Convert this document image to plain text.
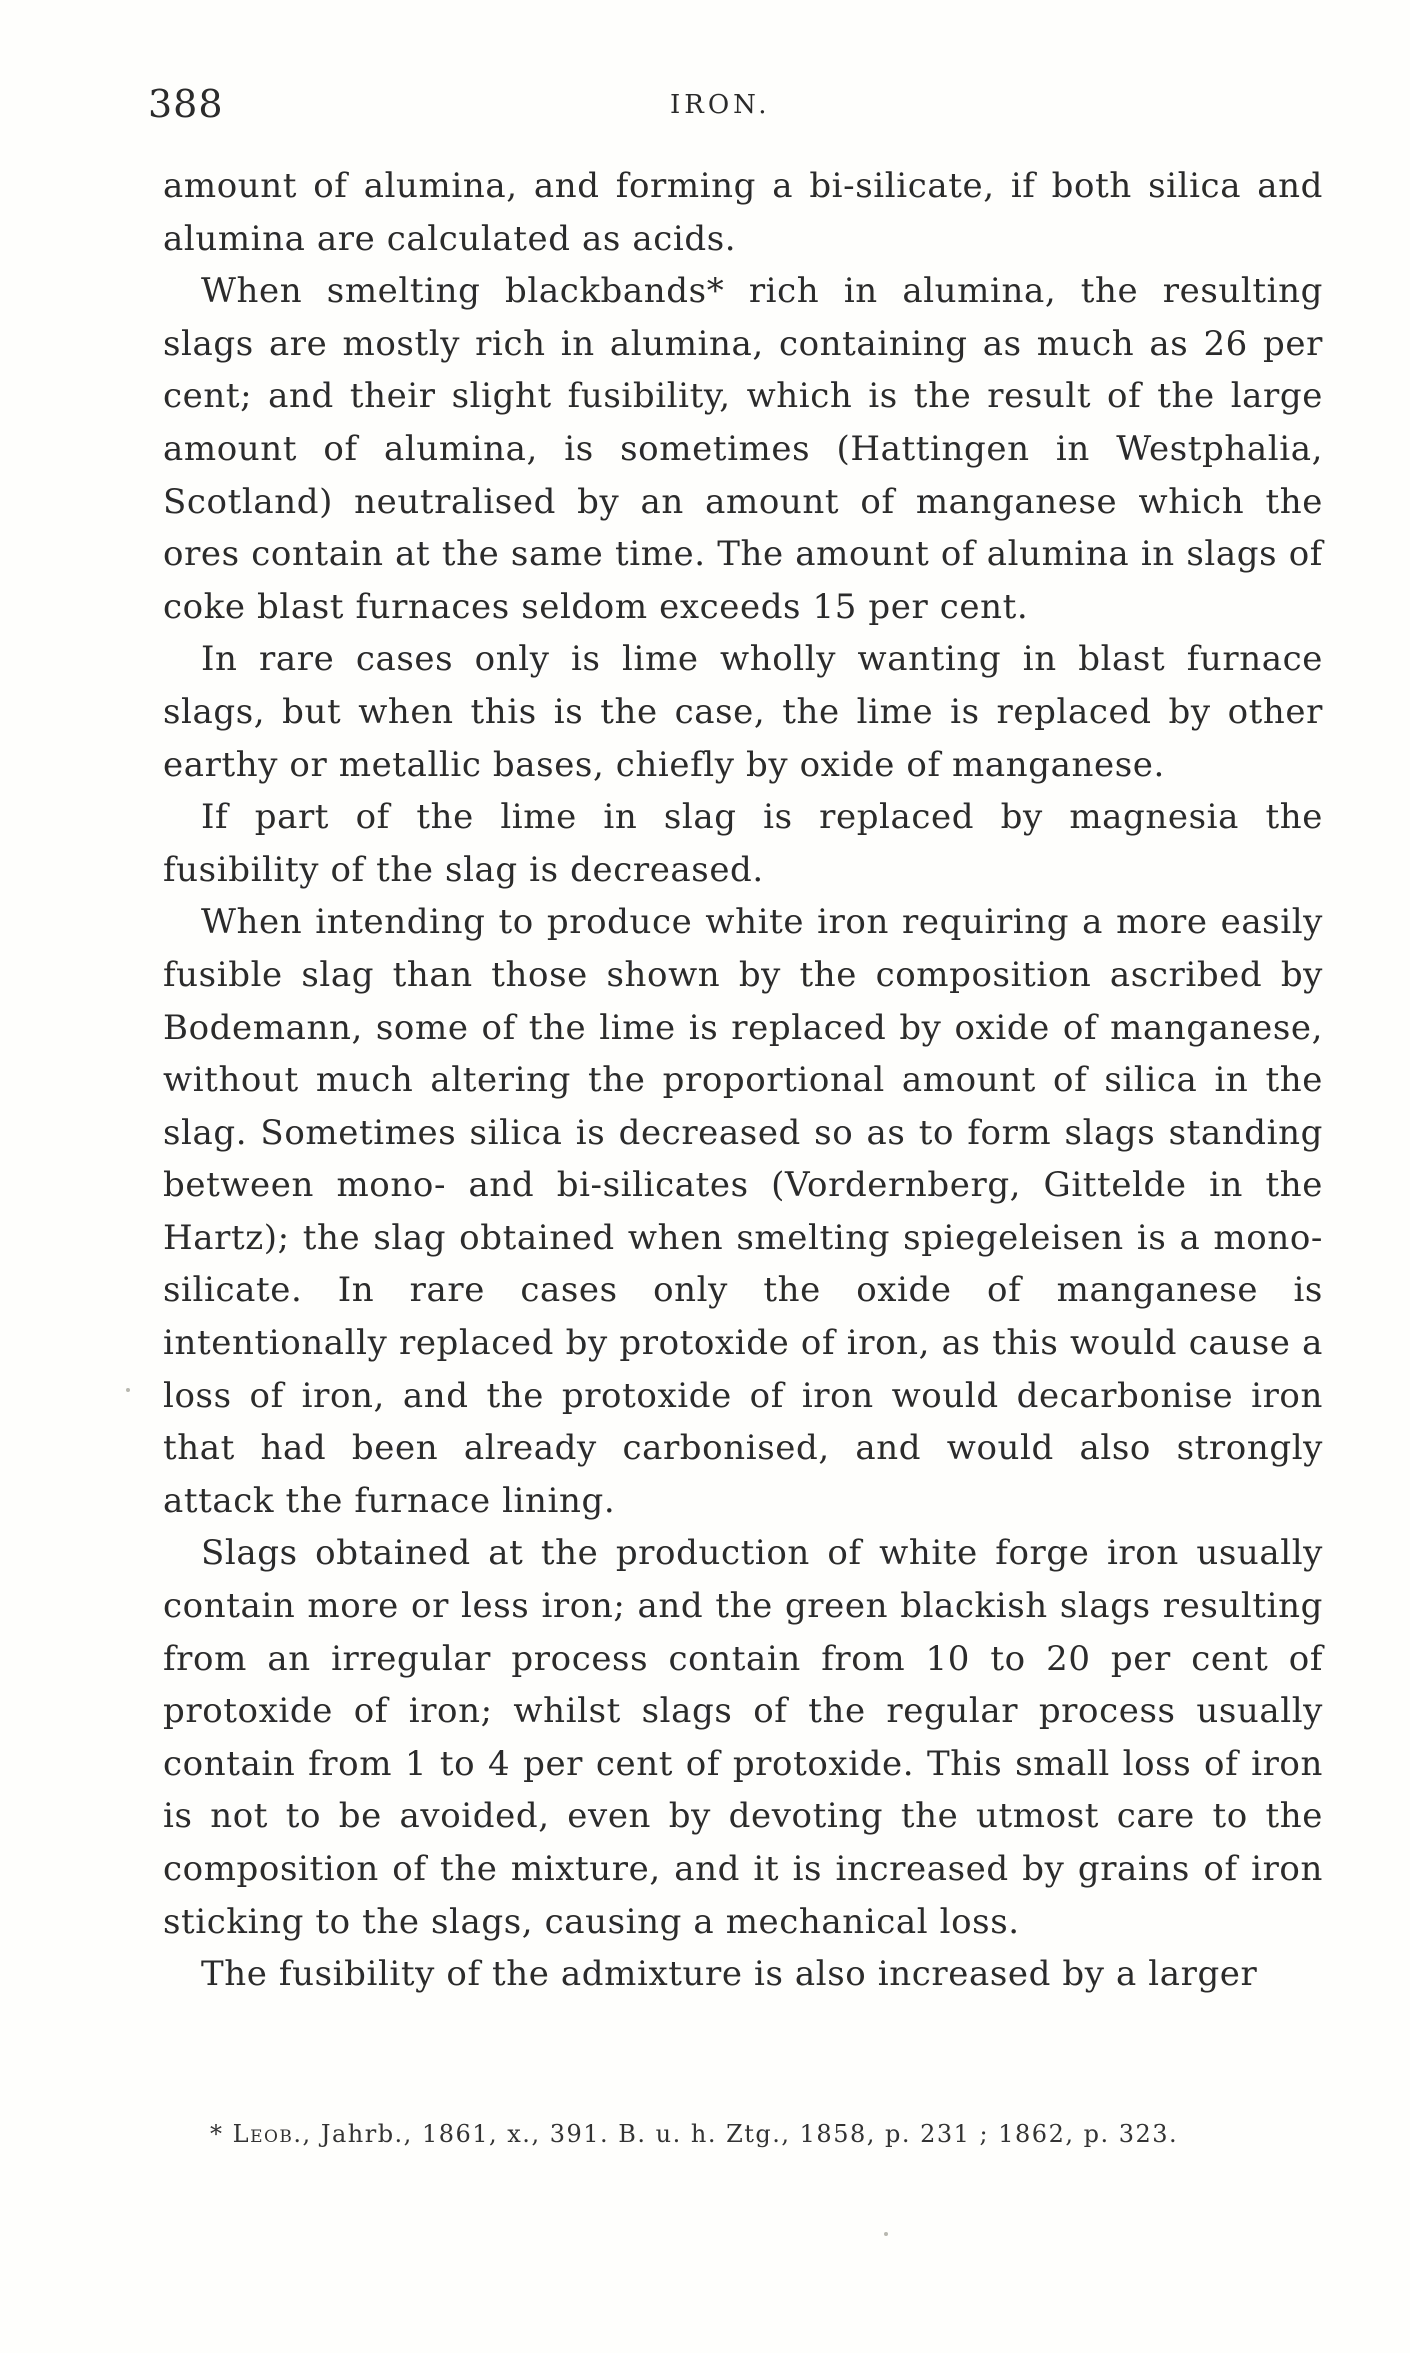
388	IRON.

amount of alumina, and forming a bi-silicate, if both silica and alumina are calculated as acids.

When smelting blackbands* rich in alumina, the resulting slags are mostly rich in alumina, containing as much as 26 per cent; and their slight fusibility, which is the result of the large amount of alumina, is sometimes (Hattingen in Westphalia, Scotland) neutralised by an amount of manganese which the ores contain at the same time. The amount of alumina in slags of coke blast furnaces seldom exceeds 15 per cent.

In rare cases only is lime wholly wanting in blast furnace slags, but when this is the case, the lime is replaced by other earthy or metallic bases, chiefly by oxide of manganese.

If part of the lime in slag is replaced by magnesia the fusibility of the slag is decreased.

When intending to produce white iron requiring a more easily fusible slag than those shown by the composition ascribed by Bodemann, some of the lime is replaced by oxide of manganese, without much altering the proportional amount of silica in the slag. Sometimes silica is decreased so as to form slags standing between mono- and bi-silicates (Vordernberg, Gittelde in the Hartz); the slag obtained when smelting spiegeleisen is a mono-silicate. In rare cases only the oxide of manganese is intentionally replaced by protoxide of iron, as this would cause a loss of iron, and the protoxide of iron would decarbonise iron that had been already carbonised, and would also strongly attack the furnace lining.

Slags obtained at the production of white forge iron usually contain more or less iron; and the green blackish slags resulting from an irregular process contain from 10 to 20 per cent of protoxide of iron; whilst slags of the regular process usually contain from 1 to 4 per cent of protoxide. This small loss of iron is not to be avoided, even by devoting the utmost care to the composition of the mixture, and it is increased by grains of iron sticking to the slags, causing a mechanical loss.

The fusibility of the admixture is also increased by a larger

* Leob., Jahrb., 1861, x., 391. B. u. h. Ztg., 1858, p. 231 ; 1862, p. 323.
